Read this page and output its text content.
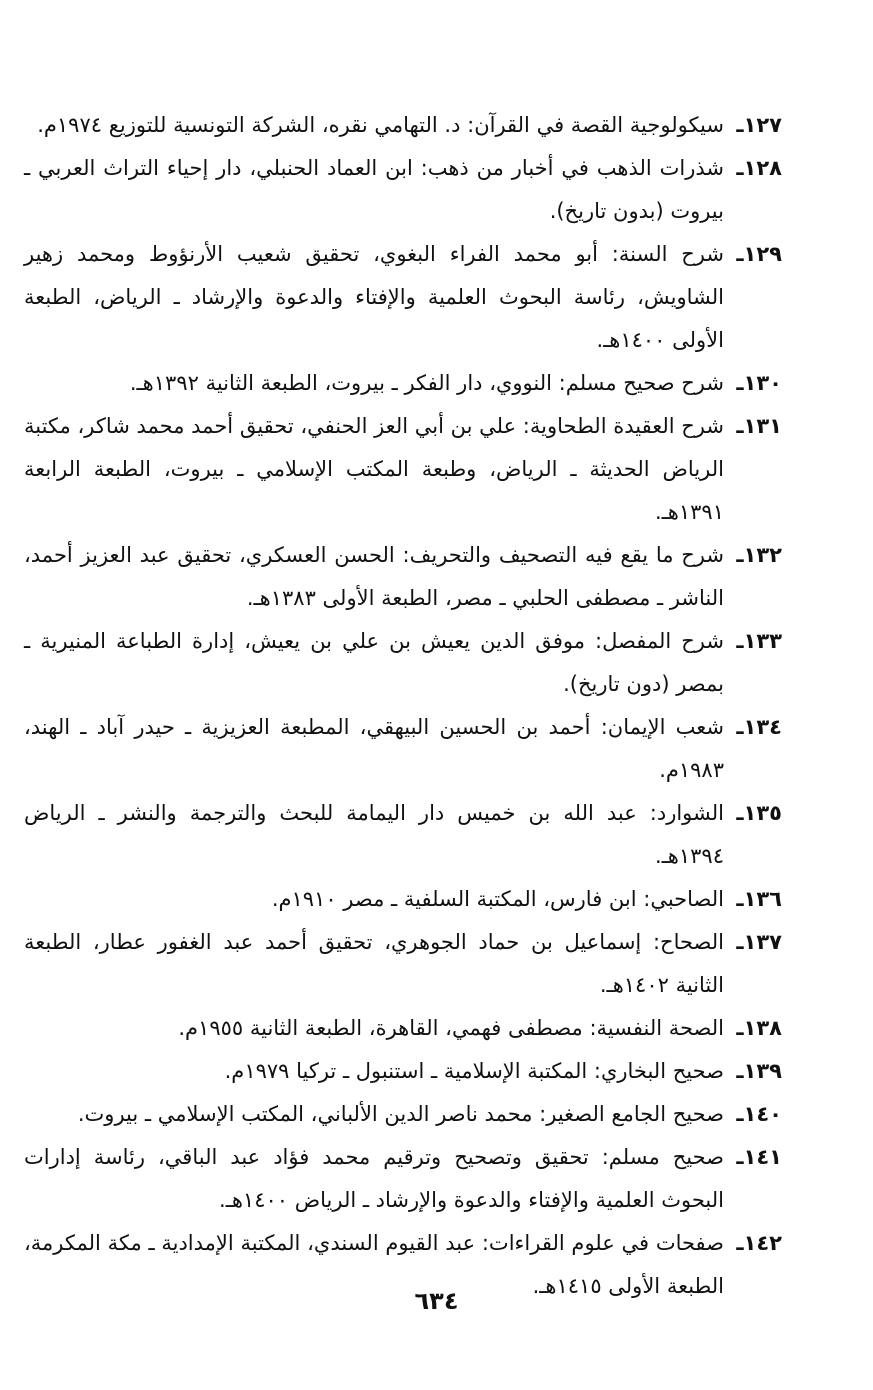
١٢٧ـسيكولوجية القصة في القرآن: د. التهامي نقره، الشركة التونسية للتوزيع ١٩٧٤م.

١٢٨ـشذرات الذهب في أخبار من ذهب: ابن العماد الحنبلي، دار إحياء التراث العربي ـ بيروت (بدون تاريخ).

١٢٩ـشرح السنة: أبو محمد الفراء البغوي، تحقيق شعيب الأرنؤوط ومحمد زهير الشاويش، رئاسة البحوث العلمية والإفتاء والدعوة والإرشاد ـ الرياض، الطبعة الأولى ١٤٠٠هـ.

١٣٠ـشرح صحيح مسلم: النووي، دار الفكر ـ بيروت، الطبعة الثانية ١٣٩٢هـ.

١٣١ـشرح العقيدة الطحاوية: علي بن أبي العز الحنفي، تحقيق أحمد محمد شاكر، مكتبة الرياض الحديثة ـ الرياض، وطبعة المكتب الإسلامي ـ بيروت، الطبعة الرابعة ١٣٩١هـ.

١٣٢ـشرح ما يقع فيه التصحيف والتحريف: الحسن العسكري، تحقيق عبد العزيز أحمد، الناشر ـ مصطفى الحلبي ـ مصر، الطبعة الأولى ١٣٨٣هـ.

١٣٣ـشرح المفصل: موفق الدين يعيش بن علي بن يعيش، إدارة الطباعة المنيرية ـ بمصر (دون تاريخ).

١٣٤ـشعب الإيمان: أحمد بن الحسين البيهقي، المطبعة العزيزية ـ حيدر آباد ـ الهند، ١٩٨٣م.

١٣٥ـالشوارد: عبد الله بن خميس دار اليمامة للبحث والترجمة والنشر ـ الرياض ١٣٩٤هـ.

١٣٦ـالصاحبي: ابن فارس، المكتبة السلفية ـ مصر ١٩١٠م.

١٣٧ـالصحاح: إسماعيل بن حماد الجوهري، تحقيق أحمد عبد الغفور عطار، الطبعة الثانية ١٤٠٢هـ.

١٣٨ـالصحة النفسية: مصطفى فهمي، القاهرة، الطبعة الثانية ١٩٥٥م.

١٣٩ـصحيح البخاري: المكتبة الإسلامية ـ استنبول ـ تركيا ١٩٧٩م.

١٤٠ـصحيح الجامع الصغير: محمد ناصر الدين الألباني، المكتب الإسلامي ـ بيروت.

١٤١ـصحيح مسلم: تحقيق وتصحيح وترقيم محمد فؤاد عبد الباقي، رئاسة إدارات البحوث العلمية والإفتاء والدعوة والإرشاد ـ الرياض ١٤٠٠هـ.

١٤٢ـصفحات في علوم القراءات: عبد القيوم السندي، المكتبة الإمدادية ـ مكة المكرمة، الطبعة الأولى ١٤١٥هـ.

٦٣٤
